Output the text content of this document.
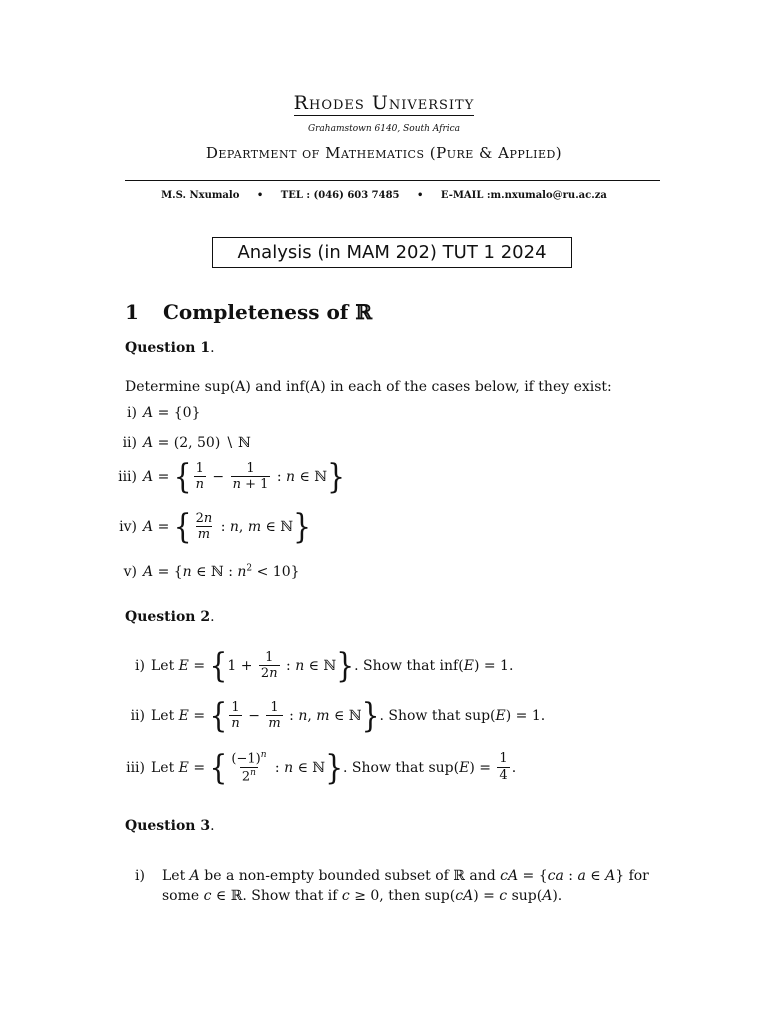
Rhodes University
Grahamstown 6140, South Africa
Department of Mathematics (Pure & Applied)
M.S. Nxumalo • TEL : (046) 603 7485 • E-MAIL :m.nxumalo@ru.ac.za
Analysis (in MAM 202) TUT 1 2024
1 Completeness of ℝ
Question 1.
Determine sup(A) and inf(A) in each of the cases below, if they exist:
i) A = {0}
ii) A = (2, 50) ∖ ℕ
iii) A = { $\frac{1}{n} - \frac{1}{n + 1}$ : n ∈ ℕ}
iv) A = { $\frac{2n}{m}$ : n, m ∈ ℕ}
v) A = {n ∈ ℕ : $n^2 < 10$}
Question 2.
i) Let $E = \{1 + \frac{1}{2n}$ : n ∈ ℕ}. Show that inf(E) = 1.
ii) Let E = { $\frac{1}{n} - \frac{1}{m}$ : n, m ∈ ℕ}. Show that sup(E) = 1.
iii) Let E = { $\frac{(-1)^n}{2^n}$ : n ∈ ℕ}. Show that $sup(E) = \frac{1}{4}$ .
Question 3.
i) Let A be a non-empty bounded subset of ℝ and cA = {ca : a ∈ A} for some c ∈ ℝ. Show that if c ≥ 0, then sup(cA) = c sup(A).
